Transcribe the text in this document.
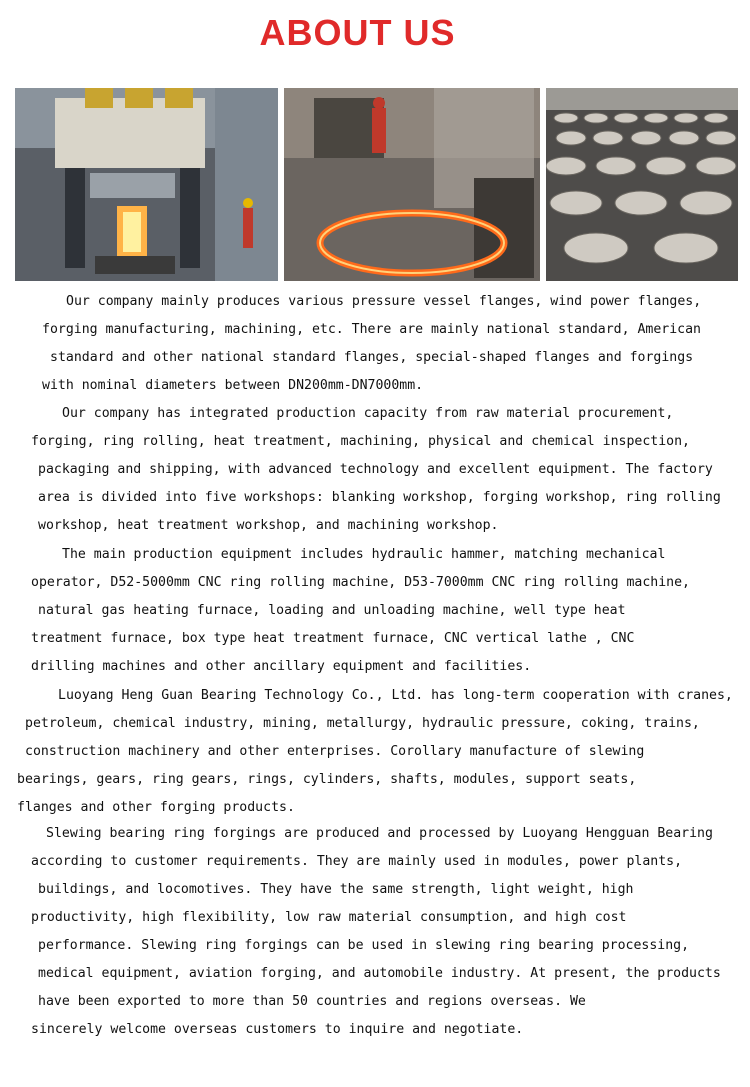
ABOUT US
Our company mainly produces various pressure vessel flanges, wind power flanges,
forging manufacturing, machining, etc. There are mainly national standard, American
standard and other national standard flanges, special-shaped flanges and forgings
with nominal diameters between DN200mm-DN7000mm.
Our company has integrated production capacity from raw material procurement,
forging, ring rolling, heat treatment, machining, physical and chemical inspection,
packaging and shipping, with advanced technology and excellent equipment. The factory
area is divided into five workshops: blanking workshop, forging workshop, ring rolling
workshop, heat treatment workshop, and machining workshop.
The main production equipment includes hydraulic hammer, matching mechanical
operator, D52-5000mm CNC ring rolling machine, D53-7000mm CNC ring rolling machine,
natural gas heating furnace, loading and unloading machine, well type heat
treatment furnace, box type heat treatment furnace, CNC vertical lathe , CNC
drilling machines and other ancillary equipment and facilities.
Luoyang Heng Guan Bearing Technology Co., Ltd. has long-term cooperation with cranes,
petroleum, chemical industry, mining, metallurgy, hydraulic pressure, coking, trains,
construction machinery and other enterprises. Corollary manufacture of slewing
bearings, gears, ring gears, rings, cylinders, shafts, modules, support seats,
flanges and other forging products.
Slewing bearing ring forgings are produced and processed by Luoyang Hengguan Bearing
according to customer requirements. They are mainly used in modules, power plants,
buildings, and locomotives. They have the same strength, light weight, high
productivity, high flexibility, low raw material consumption, and high cost
performance. Slewing ring forgings can be used in slewing ring bearing processing,
medical equipment, aviation forging, and automobile industry. At present, the products
have been exported to more than 50 countries and regions overseas. We
sincerely welcome overseas customers to inquire and negotiate.
